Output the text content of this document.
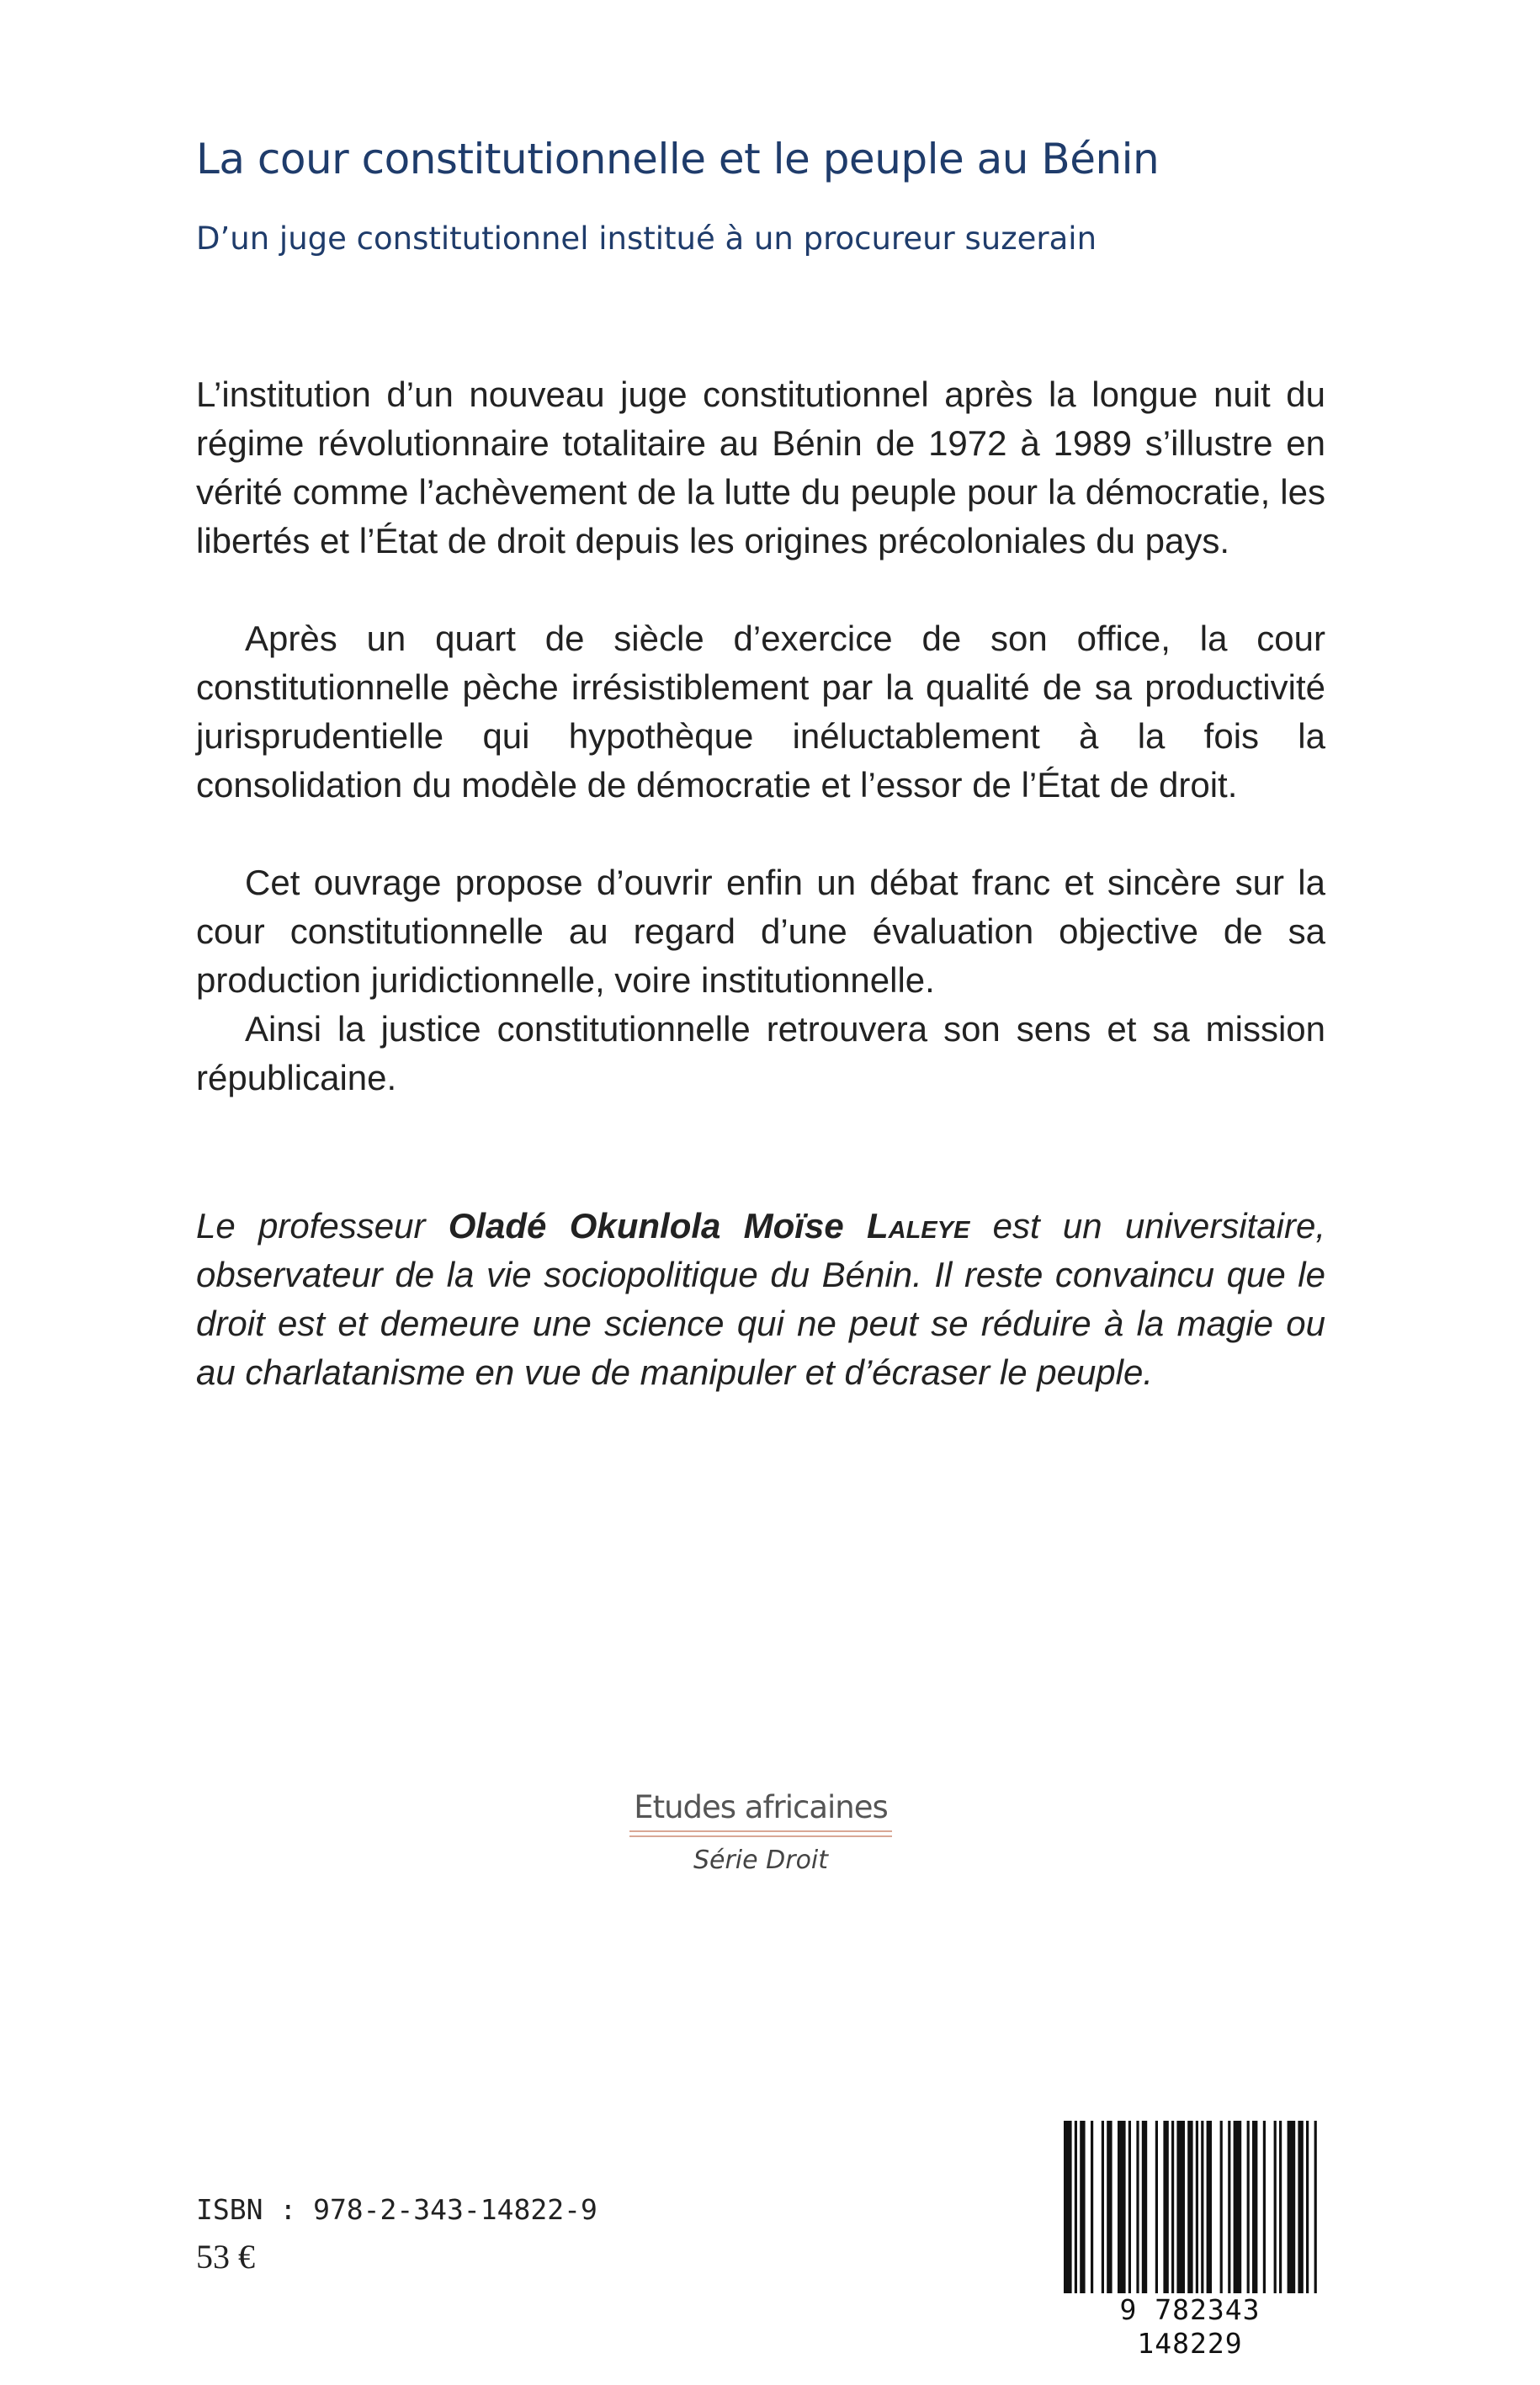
La cour constitutionnelle et le peuple au Bénin
D’un juge constitutionnel institué à un procureur suzerain

L’institution d’un nouveau juge constitutionnel après la longue nuit du régime révolutionnaire totalitaire au Bénin de 1972 à 1989 s’illustre en vérité comme l’achèvement de la lutte du peuple pour la démocratie, les libertés et l’État de droit depuis les origines précoloniales du pays.

Après un quart de siècle d’exercice de son office, la cour constitutionnelle pèche irrésistiblement par la qualité de sa productivité jurisprudentielle qui hypothèque inéluctablement à la fois la consolidation du modèle de démocratie et l’essor de l’État de droit.

Cet ouvrage propose d’ouvrir enfin un débat franc et sincère sur la cour constitutionnelle au regard d’une évaluation objective de sa production juridictionnelle, voire institutionnelle.

Ainsi la justice constitutionnelle retrouvera son sens et sa mission républicaine.

Le professeur Oladé Okunlola Moïse Laleye est un universitaire, observateur de la vie sociopolitique du Bénin. Il reste convaincu que le droit est et demeure une science qui ne peut se réduire à la magie ou au charlatanisme en vue de manipuler et d’écraser le peuple.

Etudes africaines
Série Droit
ISBN : 978-2-343-14822-9
53 €
9 782343 148229
